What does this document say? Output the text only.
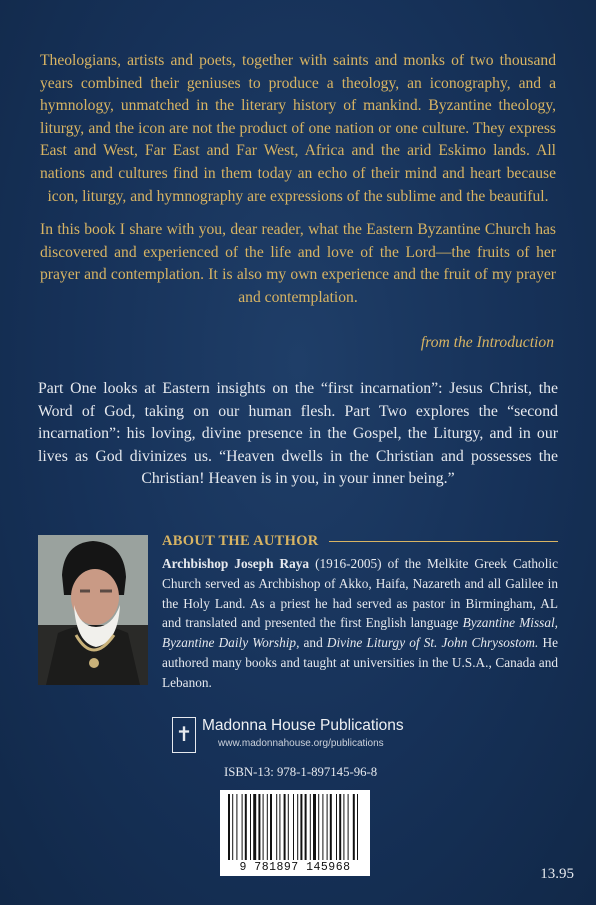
Theologians, artists and poets, together with saints and monks of two thousand years combined their geniuses to produce a theology, an iconography, and a hymnology, unmatched in the literary history of mankind. Byzantine theology, liturgy, and the icon are not the product of one nation or one culture. They express East and West, Far East and Far West, Africa and the arid Eskimo lands. All nations and cultures find in them today an echo of their mind and heart because icon, liturgy, and hymnography are expressions of the sublime and the beautiful.

In this book I share with you, dear reader, what the Eastern Byzantine Church has discovered and experienced of the life and love of the Lord—the fruits of her prayer and contemplation. It is also my own experience and the fruit of my prayer and contemplation.

from the Introduction

Part One looks at Eastern insights on the “first incarnation”: Jesus Christ, the Word of God, taking on our human flesh. Part Two explores the “second incarnation”: his loving, divine presence in the Gospel, the Liturgy, and in our lives as God divinizes us. “Heaven dwells in the Christian and possesses the Christian! Heaven is in you, in your inner being.”

ABOUT THE AUTHOR

Archbishop Joseph Raya (1916-2005) of the Melkite Greek Catholic Church served as Archbishop of Akko, Haifa, Nazareth and all Galilee in the Holy Land. As a priest he had served as pastor in Birmingham, AL and translated and presented the first English language Byzantine Missal, Byzantine Daily Worship, and Divine Liturgy of St. John Chrysostom. He authored many books and taught at universities in the U.S.A., Canada and Lebanon.

✝ Madonna House Publications
www.madonnahouse.org/publications
ISBN-13: 978-1-897145-96-8
9 781897 145968	13.95
